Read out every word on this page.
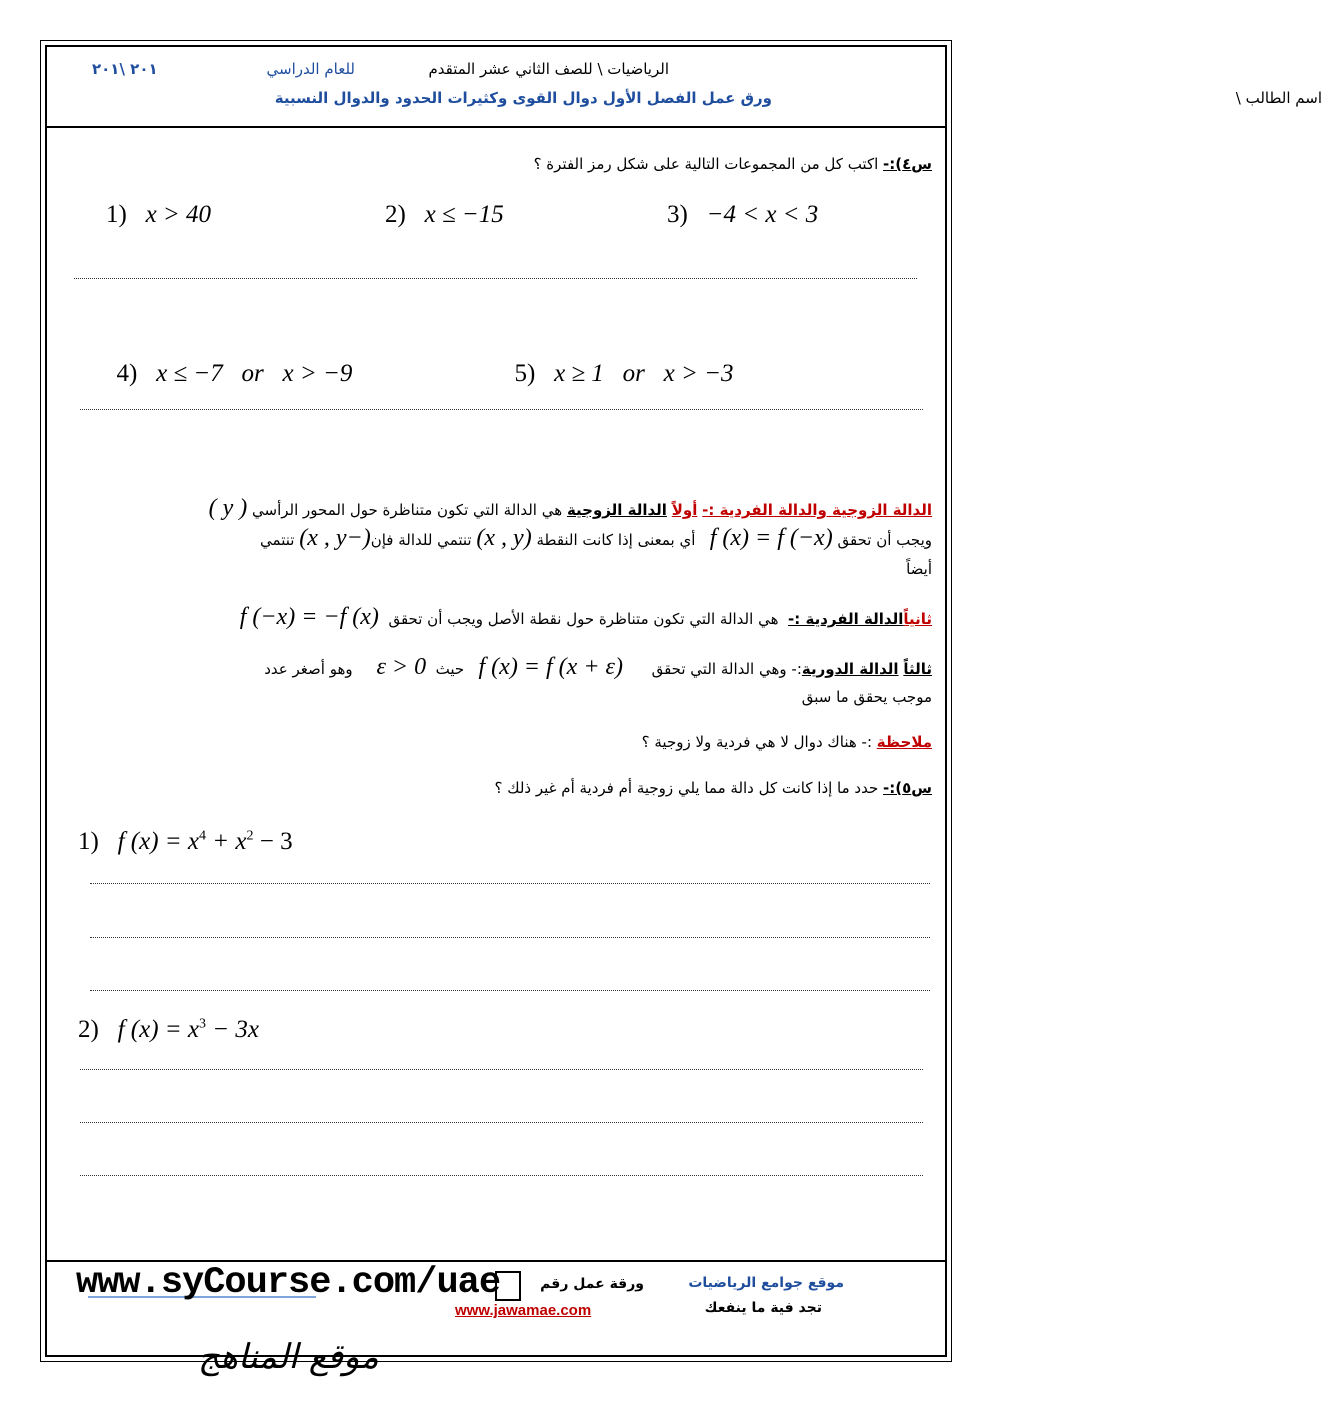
الرياضيات \ للصف الثاني عشر المتقدم
للعام الدراسي
٢٠١ \٢٠١
ورق عمل الفصل الأول دوال القوى وكثيرات الحدود والدوال النسبية	اسم الطالب \
س٤):- اكتب كل من المجموعات التالية على شكل رمز الفترة ؟
1) x > 40	2) x ≤ −15	3) −4 < x < 3

4) x ≤ −7   or   x > −9	5) x ≥ 1   or   x > −3

الدالة الزوجية والدالة الفردية :- أولاً الدالة الزوجية هي الدالة التي تكون متناظرة حول المحور الرأسي ( y )
ويجب أن تحقق f (x) = f (−x)   أي بمعنى إذا كانت النقطة (x , y) تنتمي للدالة فإن(−x , y) تنتمي
أيضاً
ثانياًالدالة الفردية :-  هي الدالة التي تكون متناظرة حول نقطة الأصل ويجب أن تحقق  f (−x) = −f (x)
ثالثاً الدالة الدورية:- وهي الدالة التي تحقق      f (x) = f (x + ε)   حيث  ε > 0     وهو أصغر عدد
موجب يحقق ما سبق
ملاحظة :- هناك دوال لا هي فردية ولا زوجية ؟
س٥):- حدد ما إذا كانت كل دالة مما يلي زوجية أم فردية أم غير ذلك ؟
1) f $(x) = x^4 + x^2 - 3$
2) f $(x) = x^3 - 3x$
موقع جوامع الرياضيات
تجد فية ما ينفعك
ورقة عمل رقم
www.jawamae.com
www.syCourse.com/uae
موقع المناهج
